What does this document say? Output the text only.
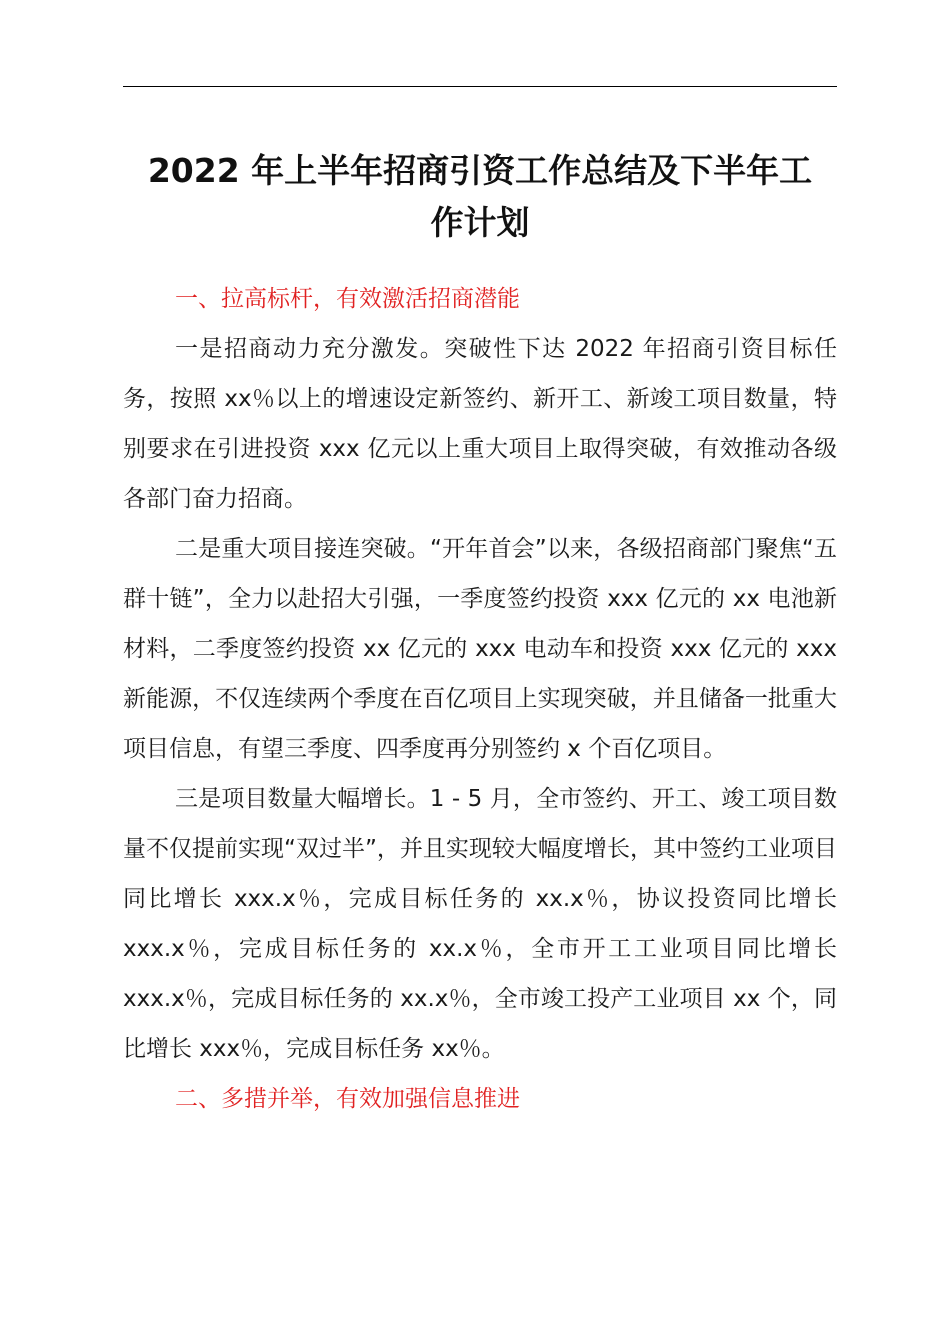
2022 年上半年招商引资工作总结及下半年工
作计划

一、拉高标杆，有效激活招商潜能

一是招商动力充分激发。突破性下达 2022 年招商引资目标任务，按照 xx％以上的增速设定新签约、新开工、新竣工项目数量，特别要求在引进投资 xxx 亿元以上重大项目上取得突破，有效推动各级各部门奋力招商。

二是重大项目接连突破。“开年首会”以来，各级招商部门聚焦“五群十链”，全力以赴招大引强，一季度签约投资 xxx 亿元的 xx 电池新材料，二季度签约投资 xx 亿元的 xxx 电动车和投资 xxx 亿元的 xxx 新能源，不仅连续两个季度在百亿项目上实现突破，并且储备一批重大项目信息，有望三季度、四季度再分别签约 x 个百亿项目。

三是项目数量大幅增长。1 - 5 月，全市签约、开工、竣工项目数量不仅提前实现“双过半”，并且实现较大幅度增长，其中签约工业项目同比增长 xxx.x％，完成目标任务的 xx.x％，协议投资同比增长 xxx.x％，完成目标任务的 xx.x％，全市开工工业项目同比增长 xxx.x％，完成目标任务的 xx.x％，全市竣工投产工业项目 xx 个，同比增长 xxx％，完成目标任务 xx％。

二、多措并举，有效加强信息推进
